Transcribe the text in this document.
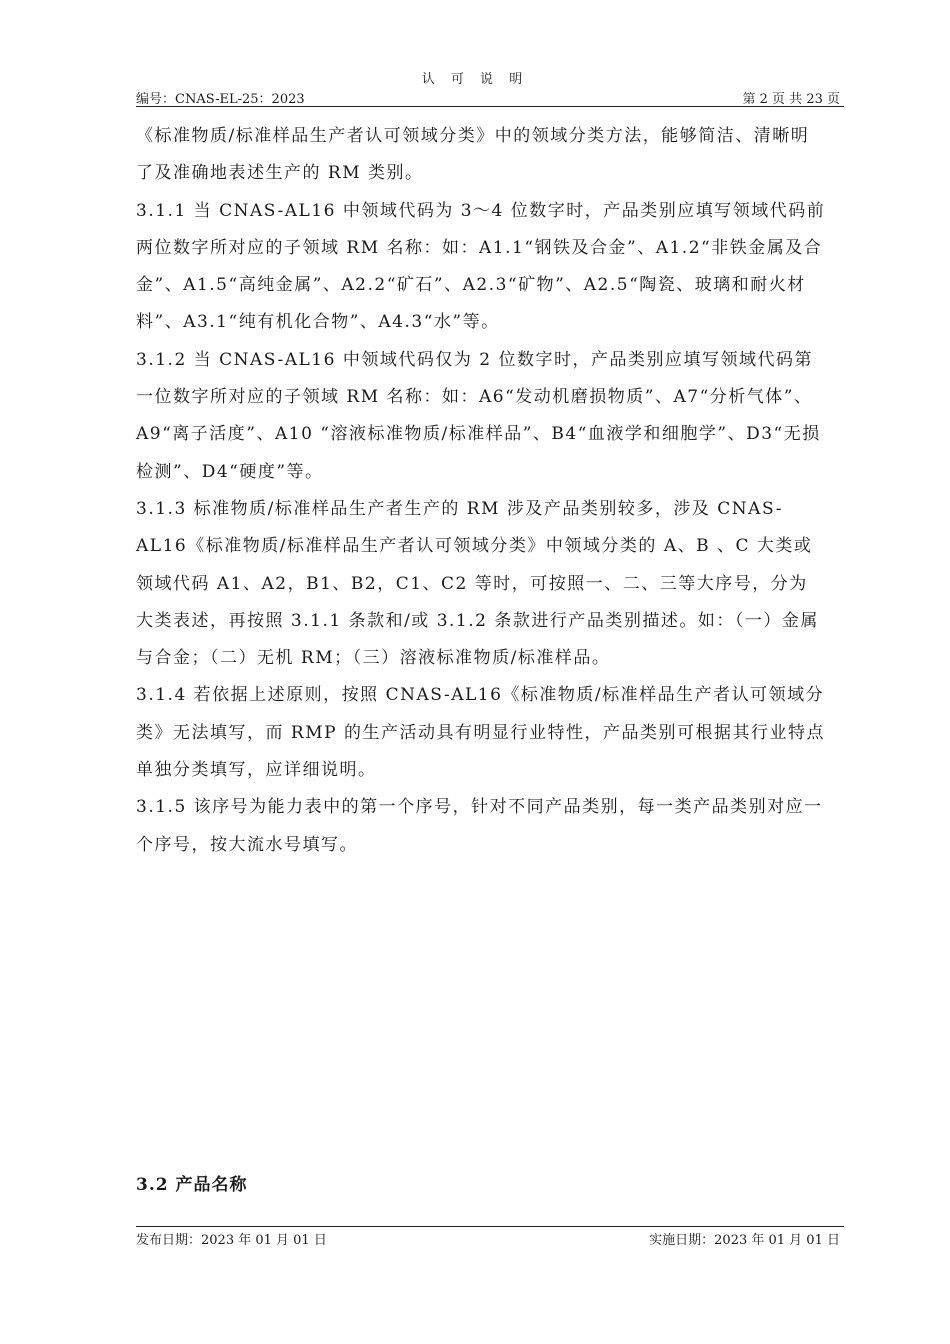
认 可 说 明
编号：CNAS-EL-25：2023	第 2 页 共 23 页

《标准物质/标准样品生产者认可领域分类》中的领域分类方法，能够简洁、清晰明了及准确地表述生产的 RM 类别。

3.1.1 当 CNAS-AL16 中领域代码为 3～4 位数字时，产品类别应填写领域代码前两位数字所对应的子领域 RM 名称：如：A1.1“钢铁及合金”、A1.2“非铁金属及合金”、A1.5“高纯金属”、A2.2“矿石”、A2.3“矿物”、A2.5“陶瓷、玻璃和耐火材料”、A3.1“纯有机化合物”、A4.3“水”等。

3.1.2 当 CNAS-AL16 中领域代码仅为 2 位数字时，产品类别应填写领域代码第一位数字所对应的子领域 RM 名称：如：A6“发动机磨损物质”、A7“分析气体”、A9“离子活度”、A10 “溶液标准物质/标准样品”、B4“血液学和细胞学”、D3“无损检测”、D4“硬度”等。

3.1.3 标准物质/标准样品生产者生产的 RM 涉及产品类别较多，涉及 CNAS-AL16《标准物质/标准样品生产者认可领域分类》中领域分类的 A、B 、C 大类或领域代码 A1、A2，B1、B2，C1、C2 等时，可按照一、二、三等大序号，分为大类表述，再按照 3.1.1 条款和/或 3.1.2 条款进行产品类别描述。如：（一）金属与合金；（二）无机 RM；（三）溶液标准物质/标准样品。

3.1.4 若依据上述原则，按照 CNAS-AL16《标准物质/标准样品生产者认可领域分类》无法填写，而 RMP 的生产活动具有明显行业特性，产品类别可根据其行业特点单独分类填写，应详细说明。

3.1.5 该序号为能力表中的第一个序号，针对不同产品类别，每一类产品类别对应一个序号，按大流水号填写。

3.2 产品名称
发布日期：2023 年 01 月 01 日	实施日期：2023 年 01 月 01 日
